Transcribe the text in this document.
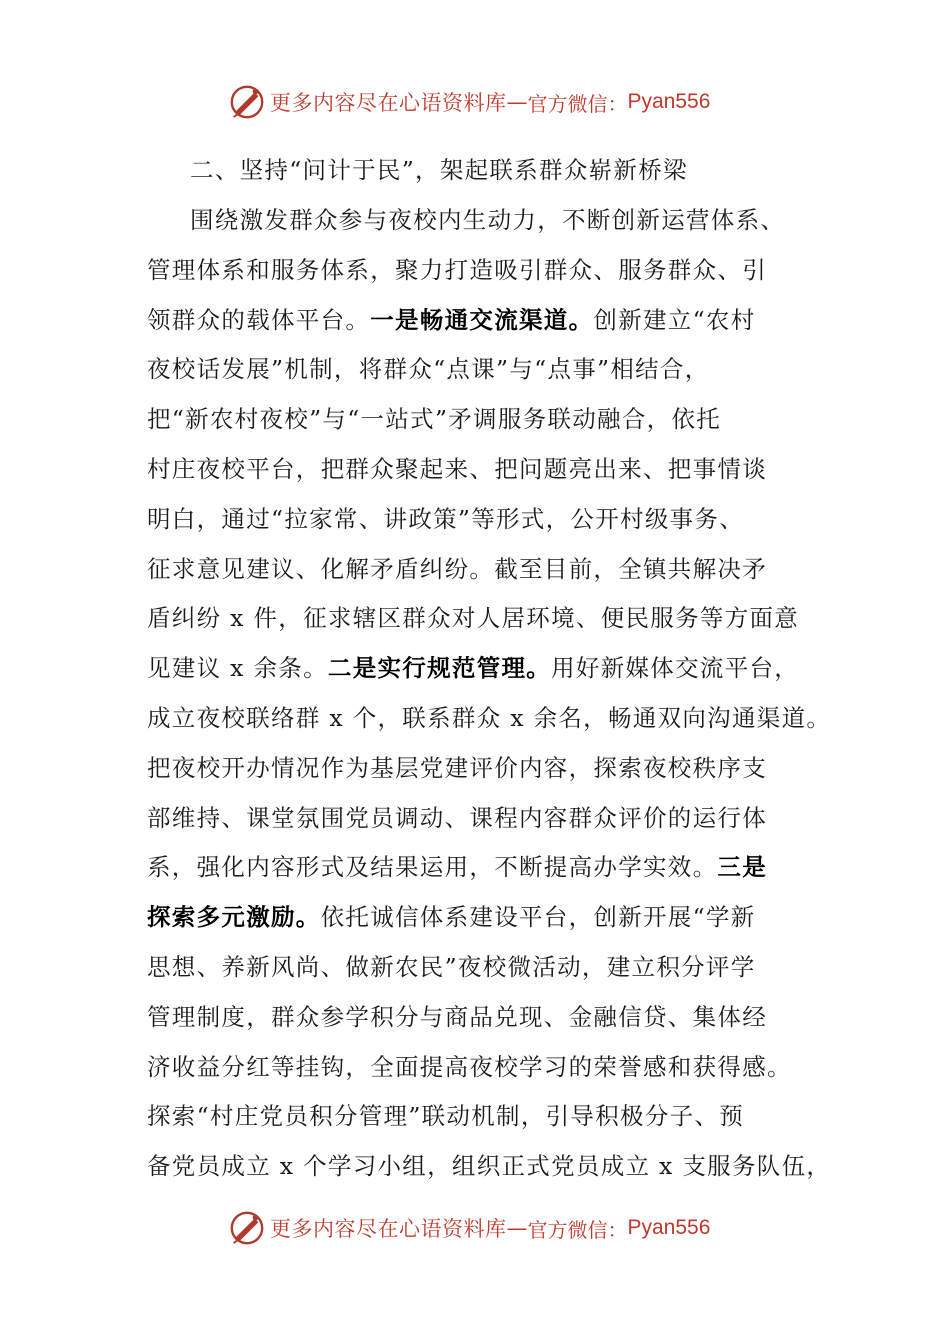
更多内容尽在心语资料库 — 官方微信： Pyan556
二、坚持“问计于民”，架起联系群众崭新桥梁
围绕激发群众参与夜校内生动力，不断创新运营体系、
管理体系和服务体系，聚力打造吸引群众、服务群众、引
领群众的载体平台。一是畅通交流渠道。创新建立“农村
夜校话发展”机制，将群众“点课”与“点事”相结合，
把“新农村夜校”与“一站式”矛调服务联动融合，依托
村庄夜校平台，把群众聚起来、把问题亮出来、把事情谈
明白，通过“拉家常、讲政策”等形式，公开村级事务、
征求意见建议、化解矛盾纠纷。截至目前，全镇共解决矛
盾纠纷 x 件，征求辖区群众对人居环境、便民服务等方面意
见建议 x 余条。二是实行规范管理。用好新媒体交流平台，
成立夜校联络群 x 个，联系群众 x 余名，畅通双向沟通渠道。
把夜校开办情况作为基层党建评价内容，探索夜校秩序支
部维持、课堂氛围党员调动、课程内容群众评价的运行体
系，强化内容形式及结果运用，不断提高办学实效。三是
探索多元激励。依托诚信体系建设平台，创新开展“学新
思想、养新风尚、做新农民”夜校微活动，建立积分评学
管理制度，群众参学积分与商品兑现、金融信贷、集体经
济收益分红等挂钩，全面提高夜校学习的荣誉感和获得感。
探索“村庄党员积分管理”联动机制，引导积极分子、预
备党员成立 x 个学习小组，组织正式党员成立 x 支服务队伍，
更多内容尽在心语资料库 — 官方微信： Pyan556
